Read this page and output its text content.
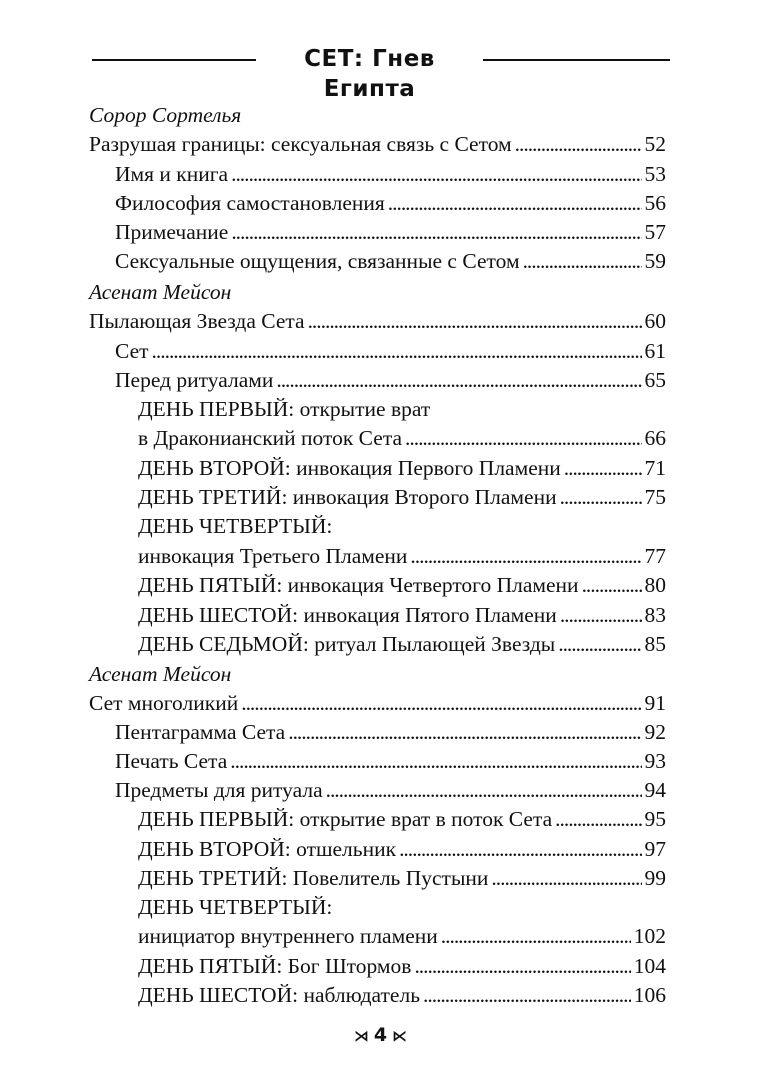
СЕТ: Гнев Египта
Сорор Сортелья
Разрушая границы: сексуальная связь с Сетом . . .	52
Имя и книга . . .	53
Философия самостановления . . .	56
Примечание . . .	57
Сексуальные ощущения, связанные с Сетом . . .	59
Асенат Мейсон
Пылающая Звезда Сета . . .	60
Сет . . .	61
Перед ритуалами . . .	65
ДЕНЬ ПЕРВЫЙ: открытие врат
в Драконианский поток Сета . . .	66
ДЕНЬ ВТОРОЙ: инвокация Первого Пламени . . .	71
ДЕНЬ ТРЕТИЙ: инвокация Второго Пламени . . .	75
ДЕНЬ ЧЕТВЕРТЫЙ:
инвокация Третьего Пламени . . .	77
ДЕНЬ ПЯТЫЙ: инвокация Четвертого Пламени . . .	80
ДЕНЬ ШЕСТОЙ: инвокация Пятого Пламени . . .	83
ДЕНЬ СЕДЬМОЙ: ритуал Пылающей Звезды . . .	85
Асенат Мейсон
Сет многоликий . . .	91
Пентаграмма Сета . . .	92
Печать Сета . . .	93
Предметы для ритуала . . .	94
ДЕНЬ ПЕРВЫЙ: открытие врат в поток Сета . . .	95
ДЕНЬ ВТОРОЙ: отшельник . . .	97
ДЕНЬ ТРЕТИЙ: Повелитель Пустыни . . .	99
ДЕНЬ ЧЕТВЕРТЫЙ:
инициатор внутреннего пламени . . .	102
ДЕНЬ ПЯТЫЙ: Бог Штормов . . .	104
ДЕНЬ ШЕСТОЙ: наблюдатель . . .	106
⋊ 4 ⋉
